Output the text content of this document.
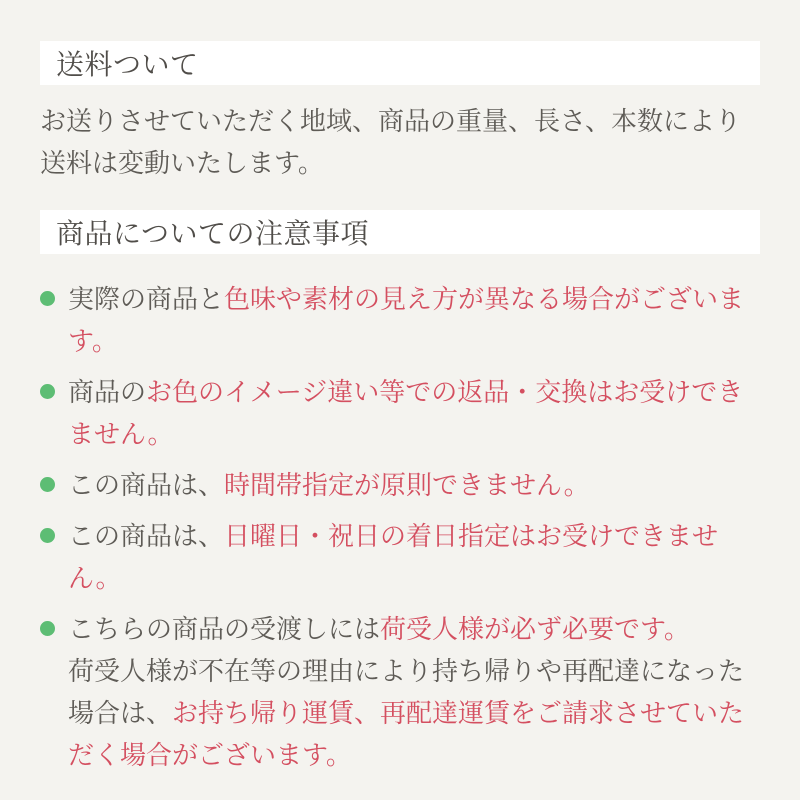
送料ついて

お送りさせていただく地域、商品の重量、長さ、本数により送料は変動いたします。

商品についての注意事項

実際の商品と色味や素材の見え方が異なる場合がございます。

商品のお色のイメージ違い等での返品・交換はお受けできません。

この商品は、時間帯指定が原則できません。

この商品は、日曜日・祝日の着日指定はお受けできません。

こちらの商品の受渡しには荷受人様が必ず必要です。
荷受人様が不在等の理由により持ち帰りや再配達になった場合は、お持ち帰り運賃、再配達運賃をご請求させていただく場合がございます。
